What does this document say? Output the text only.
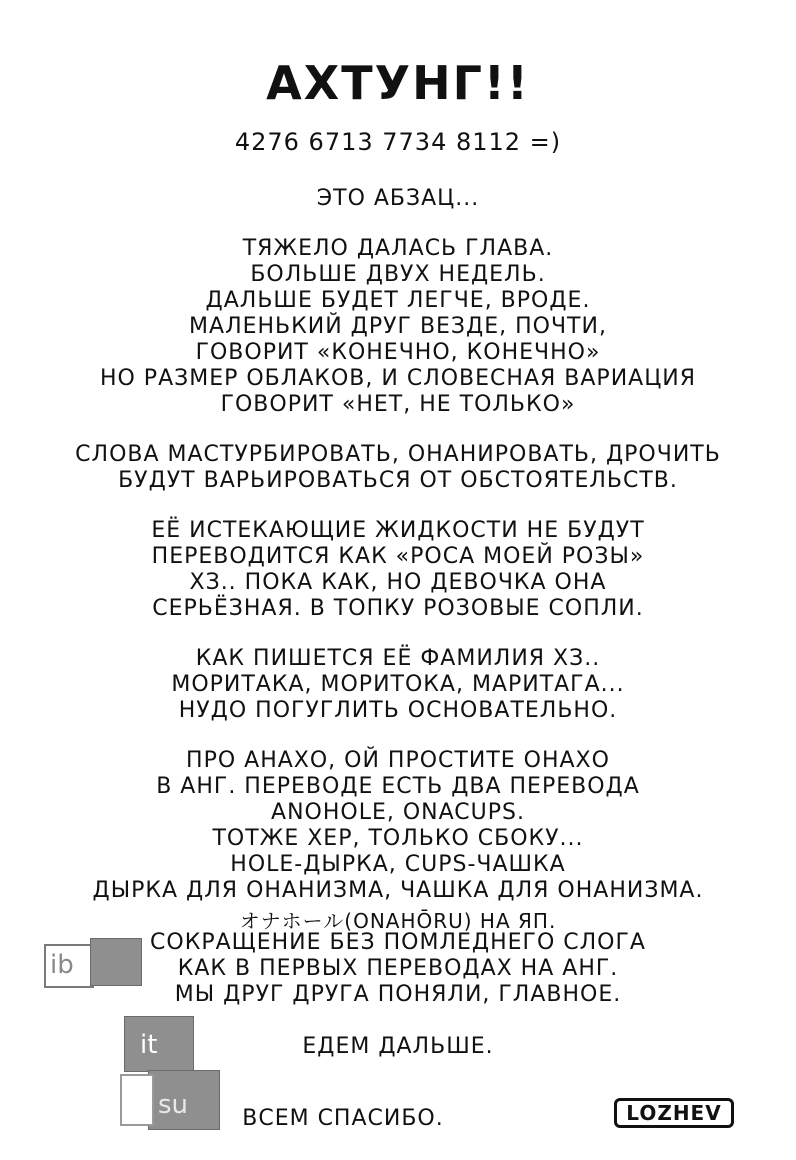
АХТУНГ!!
4276 6713 7734 8112 =)
ЭТО АБЗАЦ...
ТЯЖЕЛО ДАЛАСЬ ГЛАВА.
БОЛЬШЕ ДВУХ НЕДЕЛЬ.
ДАЛЬШЕ БУДЕТ ЛЕГЧЕ, ВРОДЕ.
МАЛЕНЬКИЙ ДРУГ ВЕЗДЕ, ПОЧТИ,
ГОВОРИТ «КОНЕЧНО, КОНЕЧНО»
НО РАЗМЕР ОБЛАКОВ, И СЛОВЕСНАЯ ВАРИАЦИЯ
ГОВОРИТ «НЕТ, НЕ ТОЛЬКО»
СЛОВА МАСТУРБИРОВАТЬ, ОНАНИРОВАТЬ, ДРОЧИТЬ
БУДУТ ВАРЬИРОВАТЬСЯ ОТ ОБСТОЯТЕЛЬСТВ.
ЕЁ ИСТЕКАЮЩИЕ ЖИДКОСТИ НЕ БУДУТ
ПЕРЕВОДИТСЯ КАК «РОСА МОЕЙ РОЗЫ»
ХЗ.. ПОКА КАК, НО ДЕВОЧКА ОНА
СЕРЬЁЗНАЯ. В ТОПКУ РОЗОВЫЕ СОПЛИ.
КАК ПИШЕТСЯ ЕЁ ФАМИЛИЯ ХЗ..
МОРИТАКА, МОРИТОКА, МАРИТАГА...
НУДО ПОГУГЛИТЬ ОСНОВАТЕЛЬНО.
ПРО АНАХО, ОЙ ПРОСТИТЕ ОНАХО
В АНГ. ПЕРЕВОДЕ ЕСТЬ ДВА ПЕРЕВОДА
ANOHOLE, ONACUPS.
ТОТЖЕ ХЕР, ТОЛЬКО СБОКУ...
HOLE-ДЫРКА, CUPS-ЧАШКА
ДЫРКА ДЛЯ ОНАНИЗМА, ЧАШКА ДЛЯ ОНАНИЗМА.
オナホール(ONAHŌRU) НА ЯП.
СОКРАЩЕНИЕ БЕЗ ПОМЛЕДНЕГО СЛОГА
КАК В ПЕРВЫХ ПЕРЕВОДАХ НА АНГ.
МЫ ДРУГ ДРУГА ПОНЯЛИ, ГЛАВНОЕ.
ЕДЕМ ДАЛЬШЕ.
ВСЕМ СПАСИБО.
ib
it
su	LOZHEV
